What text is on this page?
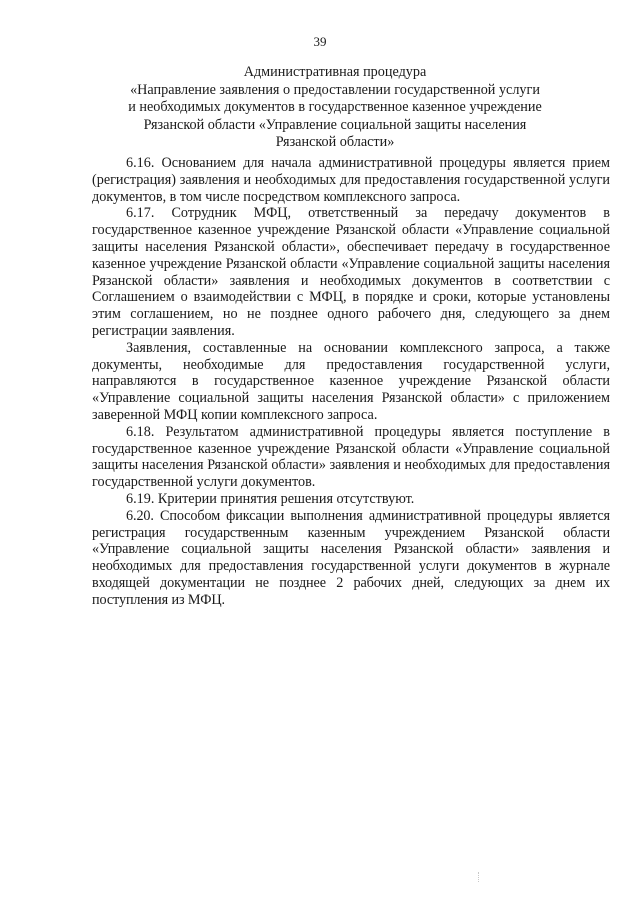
39
Административная процедура
«Направление заявления о предоставлении государственной услуги
и необходимых документов в государственное казенное учреждение
Рязанской области «Управление социальной защиты населения
Рязанской области»

6.16. Основанием для начала административной процедуры является прием (регистрация) заявления и необходимых для предоставления государственной услуги документов, в том числе посредством комплексного запроса.

6.17. Сотрудник МФЦ, ответственный за передачу документов в государственное казенное учреждение Рязанской области «Управление социальной защиты населения Рязанской области», обеспечивает передачу в государственное казенное учреждение Рязанской области «Управление социальной защиты населения Рязанской области» заявления и необходимых документов в соответствии с Соглашением о взаимодействии с МФЦ, в порядке и сроки, которые установлены этим соглашением, но не позднее одного рабочего дня, следующего за днем регистрации заявления.

Заявления, составленные на основании комплексного запроса, а также документы, необходимые для предоставления государственной услуги, направляются в государственное казенное учреждение Рязанской области «Управление социальной защиты населения Рязанской области» с приложением заверенной МФЦ копии комплексного запроса.

6.18. Результатом административной процедуры является поступление в государственное казенное учреждение Рязанской области «Управление социальной защиты населения Рязанской области» заявления и необходимых для предоставления государственной услуги документов.

6.19. Критерии принятия решения отсутствуют.

6.20. Способом фиксации выполнения административной процедуры является регистрация государственным казенным учреждением Рязанской области «Управление социальной защиты населения Рязанской области» заявления и необходимых для предоставления государственной услуги документов в журнале входящей документации не позднее 2 рабочих дней, следующих за днем их поступления из МФЦ.
